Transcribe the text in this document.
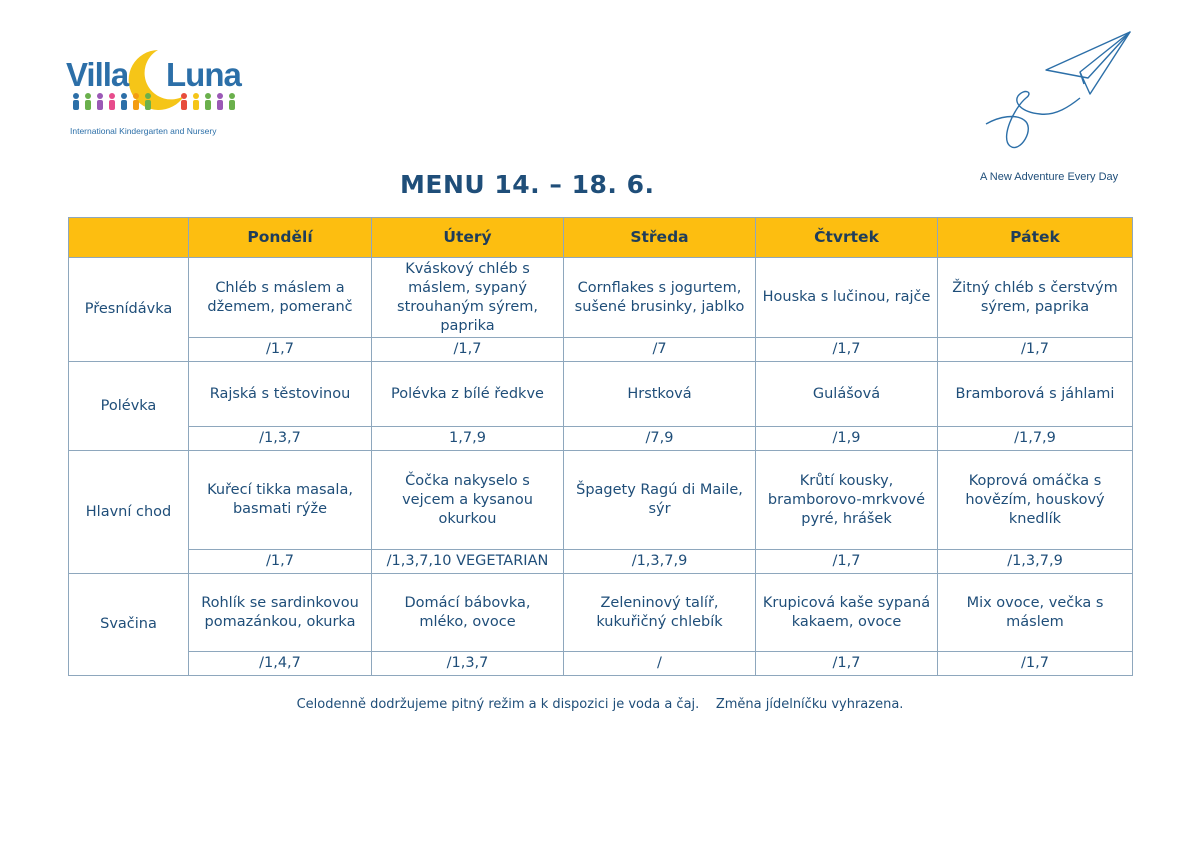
Villa Luna
International Kindergarten and Nursery
A New Adventure Every Day
MENU 14. – 18. 6.
	Pondělí	Úterý	Středa	Čtvrtek	Pátek
Přesnídávka	Chléb s máslem a džemem, pomeranč	Kváskový chléb s máslem, sypaný strouhaným sýrem, paprika	Cornflakes s jogurtem, sušené brusinky, jablko	Houska s lučinou, rajče	Žitný chléb s čerstvým sýrem, paprika
	/1,7	/1,7	/7	/1,7	/1,7
Polévka	Rajská s těstovinou	Polévka z bílé ředkve	Hrstková	Gulášová	Bramborová s jáhlami
	/1,3,7	1,7,9	/7,9	/1,9	/1,7,9
Hlavní chod	Kuřecí tikka masala, basmati rýže	Čočka nakyselo s vejcem a kysanou okurkou	Špagety Ragú di Maile, sýr	Krůtí kousky, bramborovo-mrkvové pyré, hrášek	Koprová omáčka s hovězím, houskový knedlík
	/1,7	/1,3,7,10 VEGETARIAN	/1,3,7,9	/1,7	/1,3,7,9
Svačina	Rohlík se sardinkovou pomazánkou, okurka	Domácí bábovka, mléko, ovoce	Zeleninový talíř, kukuřičný chlebík	Krupicová kaše sypaná kakaem, ovoce	Mix ovoce, večka s máslem
	/1,4,7	/1,3,7	/	/1,7	/1,7
Celodenně dodržujeme pitný režim a k dispozici je voda a čaj. Změna jídelníčku vyhrazena.
